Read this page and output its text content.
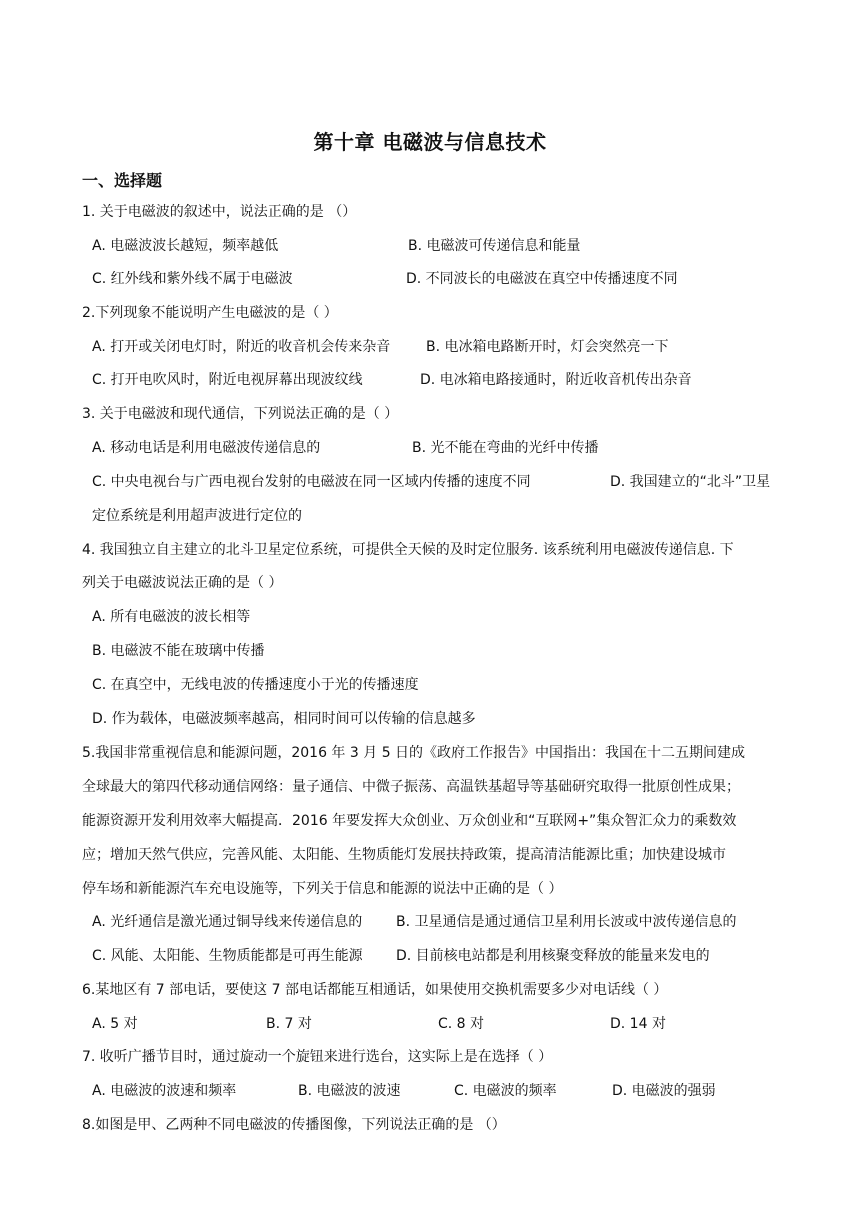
第十章 电磁波与信息技术
一、选择题
1. 关于电磁波的叙述中，说法正确的是 （）
A. 电磁波波长越短，频率越低	B. 电磁波可传递信息和能量
C. 红外线和紫外线不属于电磁波	D. 不同波长的电磁波在真空中传播速度不同
2.下列现象不能说明产生电磁波的是（ ）
A. 打开或关闭电灯时，附近的收音机会传来杂音	B. 电冰箱电路断开时，灯会突然亮一下
C. 打开电吹风时，附近电视屏幕出现波纹线	D. 电冰箱电路接通时，附近收音机传出杂音
3. 关于电磁波和现代通信，下列说法正确的是（ ）
A. 移动电话是利用电磁波传递信息的	B. 光不能在弯曲的光纤中传播
C. 中央电视台与广西电视台发射的电磁波在同一区域内传播的速度不同	D. 我国建立的“北斗”卫星
定位系统是利用超声波进行定位的
4. 我国独立自主建立的北斗卫星定位系统，可提供全天候的及时定位服务. 该系统利用电磁波传递信息. 下
列关于电磁波说法正确的是（ ）
A. 所有电磁波的波长相等
B. 电磁波不能在玻璃中传播
C. 在真空中，无线电波的传播速度小于光的传播速度
D. 作为载体，电磁波频率越高，相同时间可以传输的信息越多
5.我国非常重视信息和能源问题，2016 年 3 月 5 日的《政府工作报告》中国指出：我国在十二五期间建成
全球最大的第四代移动通信网络：量子通信、中微子振荡、高温铁基超导等基础研究取得一批原创性成果；
能源资源开发利用效率大幅提高．2016 年要发挥大众创业、万众创业和“互联网+”集众智汇众力的乘数效
应；增加天然气供应，完善风能、太阳能、生物质能灯发展扶持政策，提高清洁能源比重；加快建设城市
停车场和新能源汽车充电设施等，下列关于信息和能源的说法中正确的是（ ）
A. 光纤通信是激光通过铜导线来传递信息的 B. 卫星通信是通过通信卫星利用长波或中波传递信息的
C. 风能、太阳能、生物质能都是可再生能源 D. 目前核电站都是利用核聚变释放的能量来发电的
6.某地区有 7 部电话，要使这 7 部电话都能互相通话，如果使用交换机需要多少对电话线（ ）
A. 5 对	B. 7 对	C. 8 对	D. 14 对
7. 收听广播节目时，通过旋动一个旋钮来进行选台，这实际上是在选择（ ）
A. 电磁波的波速和频率	B. 电磁波的波速	C. 电磁波的频率	D. 电磁波的强弱
8.如图是甲、乙两种不同电磁波的传播图像，下列说法正确的是 （）
